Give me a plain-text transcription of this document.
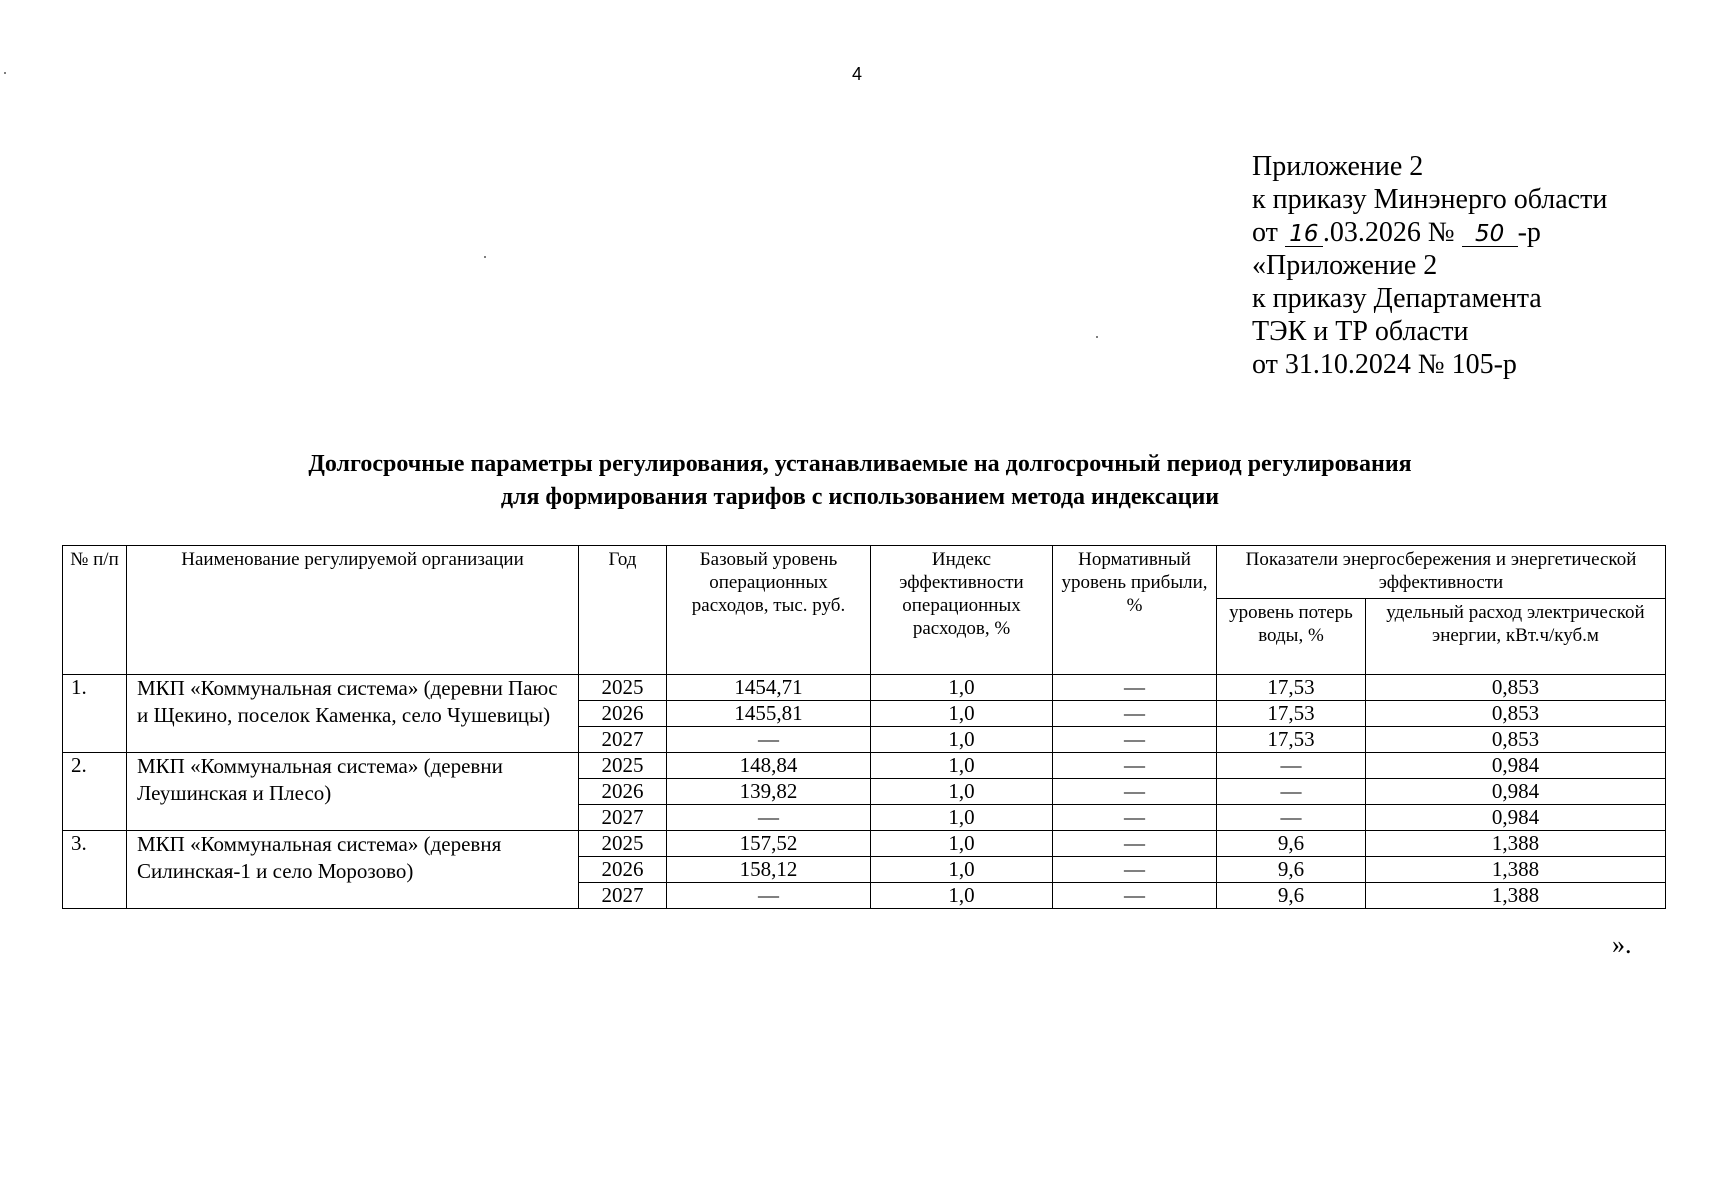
4
Приложение 2
к приказу Минэнерго области
от 16 .03.2026 № 50 -р
«Приложение 2
к приказу Департамента
ТЭК и ТР области
от 31.10.2024 № 105-р
Долгосрочные параметры регулирования, устанавливаемые на долгосрочный период регулирования
для формирования тарифов с использованием метода индексации
№ п/п	Наименование регулируемой организации	Год	Базовый уровень операционных расходов, тыс. руб.	Индекс эффективности операционных расходов, %	Нормативный уровень прибыли, %	Показатели энергосбережения и энергетической эффективности	
						уровень потерь воды, %	удельный расход электрической энергии, кВт.ч/куб.м
1.	МКП «Коммунальная система» (деревни Паюс и Щекино, поселок Каменка, село Чушевицы)	2025	1454,71	1,0	—	17,53	0,853
		2026	1455,81	1,0	—	17,53	0,853
		2027	—	1,0	—	17,53	0,853
2.	МКП «Коммунальная система» (деревни Леушинская и Плесо)	2025	148,84	1,0	—	—	0,984
		2026	139,82	1,0	—	—	0,984
		2027	—	1,0	—	—	0,984
3.	МКП «Коммунальная система» (деревня Силинская-1 и село Морозово)	2025	157,52	1,0	—	9,6	1,388
		2026	158,12	1,0	—	9,6	1,388
		2027	—	1,0	—	9,6	1,388
».
